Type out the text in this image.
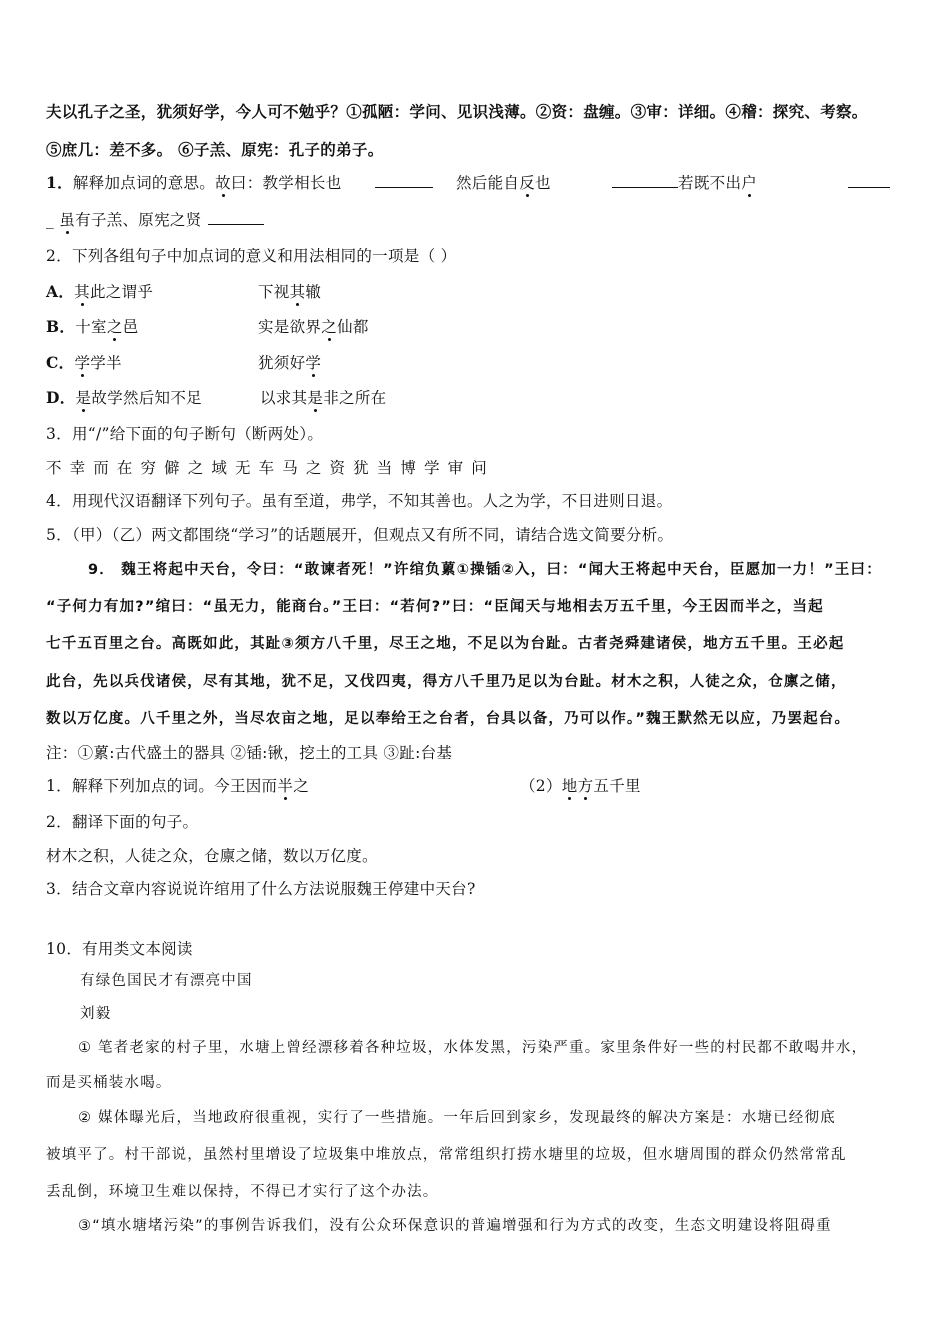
夫以孔子之圣，犹须好学，今人可不勉乎？①孤陋：学问、见识浅薄。②资：盘缠。③审：详细。④稽：探究、考察。
⑤庶几：差不多。 ⑥子羔、原宪：孔子的弟子。
1．解释加点词的意思。故曰：教学相长也	然后能自反也	若既不出户
_ 虽有子羔、原宪之贤
2．下列各组句子中加点词的意义和用法相同的一项是（ ）
A．其此之谓乎	下视其辙
B．十室之邑	实是欲界之仙都
C．学学半	犹须好学
D．是故学然后知不足	以求其是非之所在
3．用“/”给下面的句子断句（断两处）。
不 幸 而 在 穷 僻 之 域 无 车 马 之 资 犹 当 博 学 审 问
4．用现代汉语翻译下列句子。虽有至道，弗学，不知其善也。人之为学，不日进则日退。
5．（甲）（乙）两文都围绕“学习”的话题展开，但观点又有所不同，请结合选文简要分析。
9． 魏王将起中天台，令曰：“敢谏者死！”许绾负蔂①操锸②入，曰：“闻大王将起中天台，臣愿加一力！”王曰：
“子何力有加?”绾曰：“虽无力，能商台。”王曰：“若何?”曰：“臣闻天与地相去万五千里，今王因而半之，当起
七千五百里之台。高既如此，其趾③须方八千里，尽王之地，不足以为台趾。古者尧舜建诸侯，地方五千里。王必起
此台，先以兵伐诸侯，尽有其地，犹不足，又伐四夷，得方八千里乃足以为台趾。材木之积，人徒之众，仓廪之储，
数以万亿度。八千里之外，当尽农亩之地，足以奉给王之台者，台具以备，乃可以作。”魏王默然无以应，乃罢起台。
注：①蔂:古代盛土的器具 ②锸:锹，挖土的工具 ③趾:台基
1．解释下列加点的词。今王因而半之	（2）地方五千里
2．翻译下面的句子。
材木之积，人徒之众，仓廪之储，数以万亿度。
3．结合文章内容说说许绾用了什么方法说服魏王停建中天台?
10．有用类文本阅读
有绿色国民才有漂亮中国
刘毅
① 笔者老家的村子里，水塘上曾经漂移着各种垃圾，水体发黑，污染严重。家里条件好一些的村民都不敢喝井水，
而是买桶装水喝。
② 媒体曝光后，当地政府很重视，实行了一些措施。一年后回到家乡，发现最终的解决方案是：水塘已经彻底
被填平了。村干部说，虽然村里增设了垃圾集中堆放点，常常组织打捞水塘里的垃圾，但水塘周围的群众仍然常常乱
丢乱倒，环境卫生难以保持，不得已才实行了这个办法。
③“填水塘堵污染”的事例告诉我们，没有公众环保意识的普遍增强和行为方式的改变，生态文明建设将阻碍重
